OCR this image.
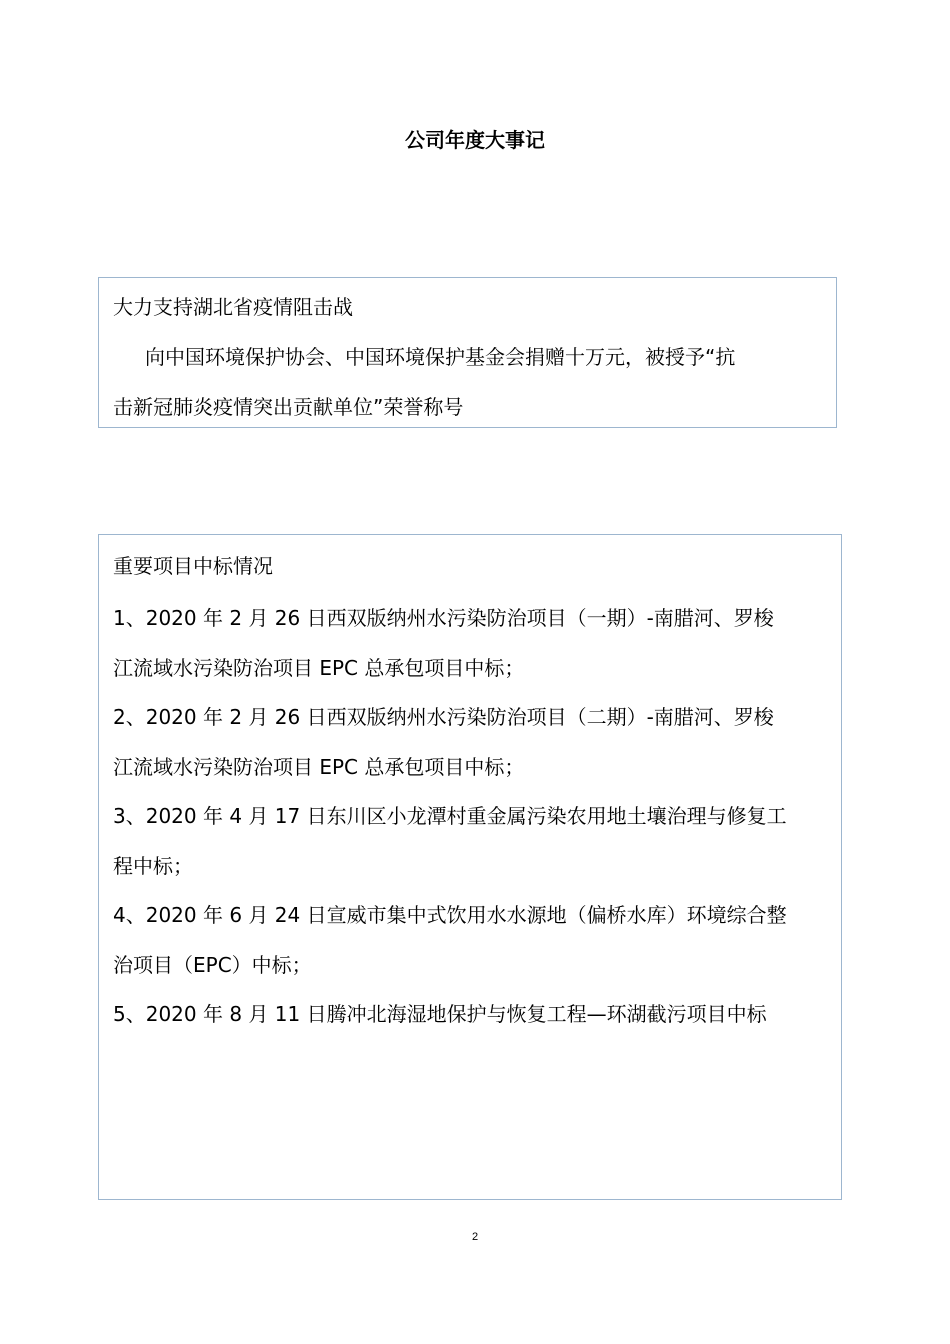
公司年度大事记
大力支持湖北省疫情阻击战
向中国环境保护协会、中国环境保护基金会捐赠十万元，被授予“抗
击新冠肺炎疫情突出贡献单位”荣誉称号
重要项目中标情况
1、2020 年 2 月 26 日西双版纳州水污染防治项目（一期）-南腊河、罗梭
江流域水污染防治项目 EPC 总承包项目中标；
2、2020 年 2 月 26 日西双版纳州水污染防治项目（二期）-南腊河、罗梭
江流域水污染防治项目 EPC 总承包项目中标；
3、2020 年 4 月 17 日东川区小龙潭村重金属污染农用地土壤治理与修复工
程中标；
4、2020 年 6 月 24 日宣威市集中式饮用水水源地（偏桥水库）环境综合整
治项目（EPC）中标；
5、2020 年 8 月 11 日腾冲北海湿地保护与恢复工程—环湖截污项目中标
2
